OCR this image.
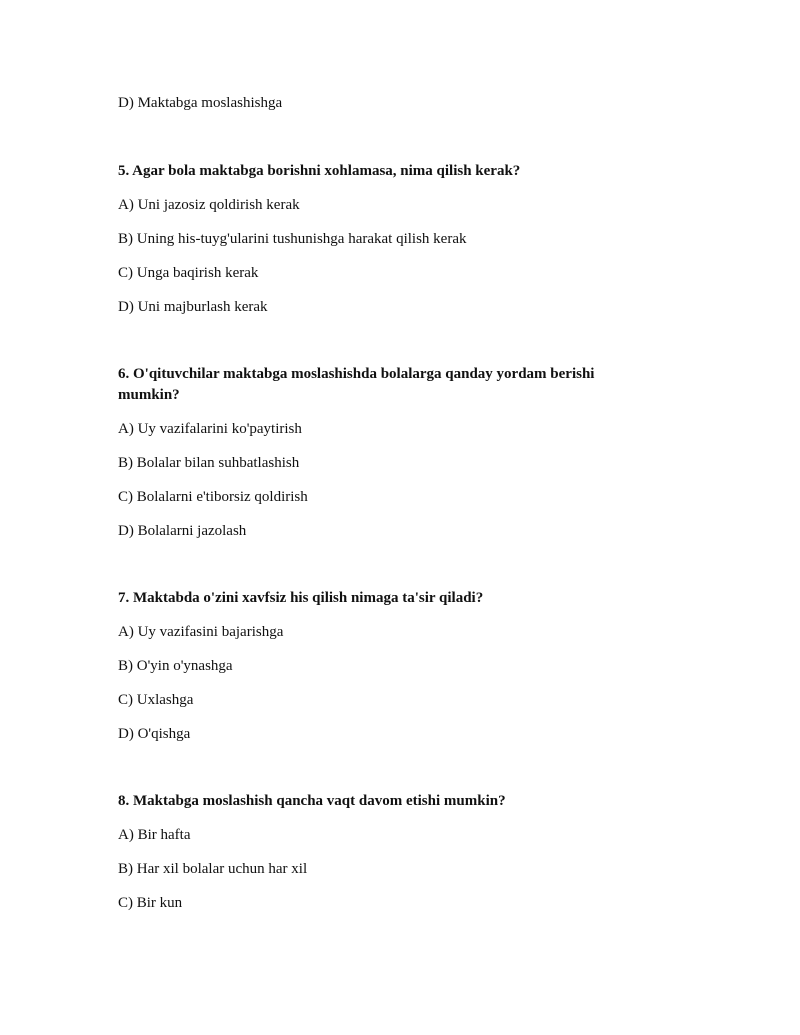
D) Maktabga moslashishga
5. Agar bola maktabga borishni xohlamasa, nima qilish kerak?
A) Uni jazosiz qoldirish kerak
B) Uning his-tuyg'ularini tushunishga harakat qilish kerak
C) Unga baqirish kerak
D) Uni majburlash kerak
6. O'qituvchilar maktabga moslashishda bolalarga qanday yordam berishi mumkin?
A) Uy vazifalarini ko'paytirish
B) Bolalar bilan suhbatlashish
C) Bolalarni e'tiborsiz qoldirish
D) Bolalarni jazolash
7. Maktabda o'zini xavfsiz his qilish nimaga ta'sir qiladi?
A) Uy vazifasini bajarishga
B) O'yin o'ynashga
C) Uxlashga
D) O'qishga
8. Maktabga moslashish qancha vaqt davom etishi mumkin?
A) Bir hafta
B) Har xil bolalar uchun har xil
C) Bir kun
